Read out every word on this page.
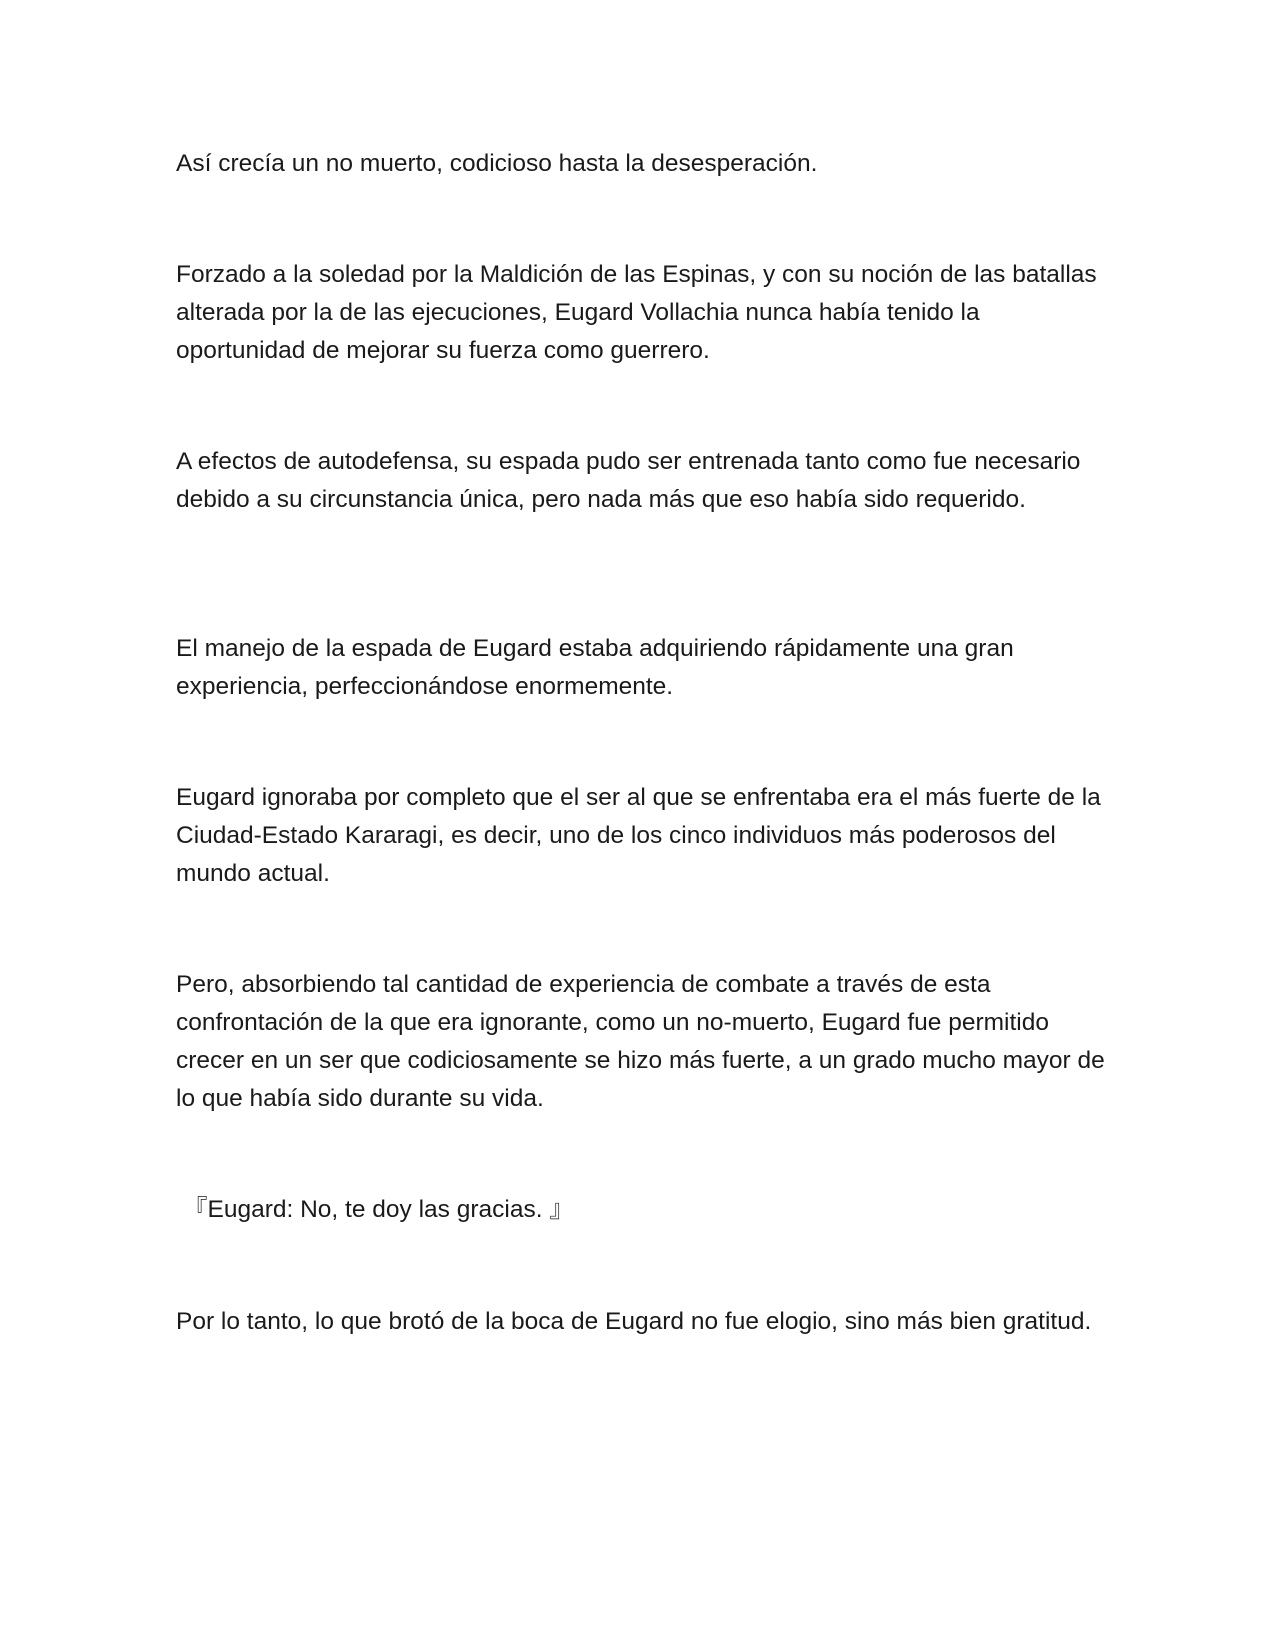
Así crecía un no muerto, codicioso hasta la desesperación.

Forzado a la soledad por la Maldición de las Espinas, y con su noción de las batallas alterada por la de las ejecuciones, Eugard Vollachia nunca había tenido la oportunidad de mejorar su fuerza como guerrero.

A efectos de autodefensa, su espada pudo ser entrenada tanto como fue necesario debido a su circunstancia única, pero nada más que eso había sido requerido.

El manejo de la espada de Eugard estaba adquiriendo rápidamente una gran experiencia, perfeccionándose enormemente.

Eugard ignoraba por completo que el ser al que se enfrentaba era el más fuerte de la Ciudad-Estado Kararagi, es decir, uno de los cinco individuos más poderosos del mundo actual.

Pero, absorbiendo tal cantidad de experiencia de combate a través de esta confrontación de la que era ignorante, como un no-muerto, Eugard fue permitido crecer en un ser que codiciosamente se hizo más fuerte, a un grado mucho mayor de lo que había sido durante su vida.

『Eugard: No, te doy las gracias. 』

Por lo tanto, lo que brotó de la boca de Eugard no fue elogio, sino más bien gratitud.
